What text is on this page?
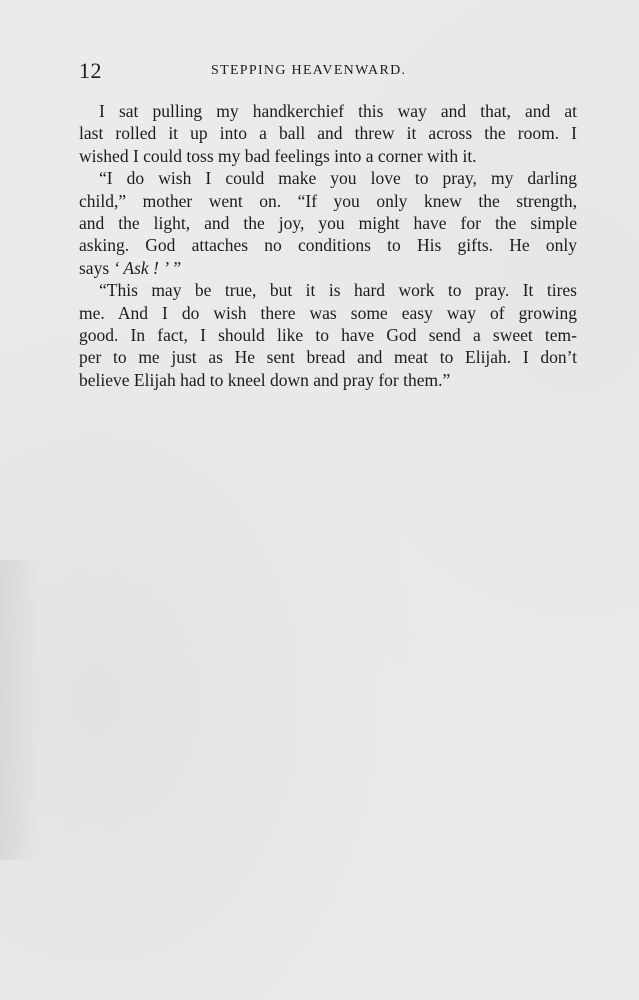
12	STEPPING HEAVENWARD.
I sat pulling my handkerchief this way and that, and at
last rolled it up into a ball and threw it across the room. I
wished I could toss my bad feelings into a corner with it.
“I do wish I could make you love to pray, my darling
child,” mother went on. “If you only knew the strength,
and the light, and the joy, you might have for the simple
asking. God attaches no conditions to His gifts. He only
says ‘ Ask ! ’ ”
“This may be true, but it is hard work to pray. It tires
me. And I do wish there was some easy way of growing
good. In fact, I should like to have God send a sweet tem-
per to me just as He sent bread and meat to Elijah. I don’t
believe Elijah had to kneel down and pray for them.”
